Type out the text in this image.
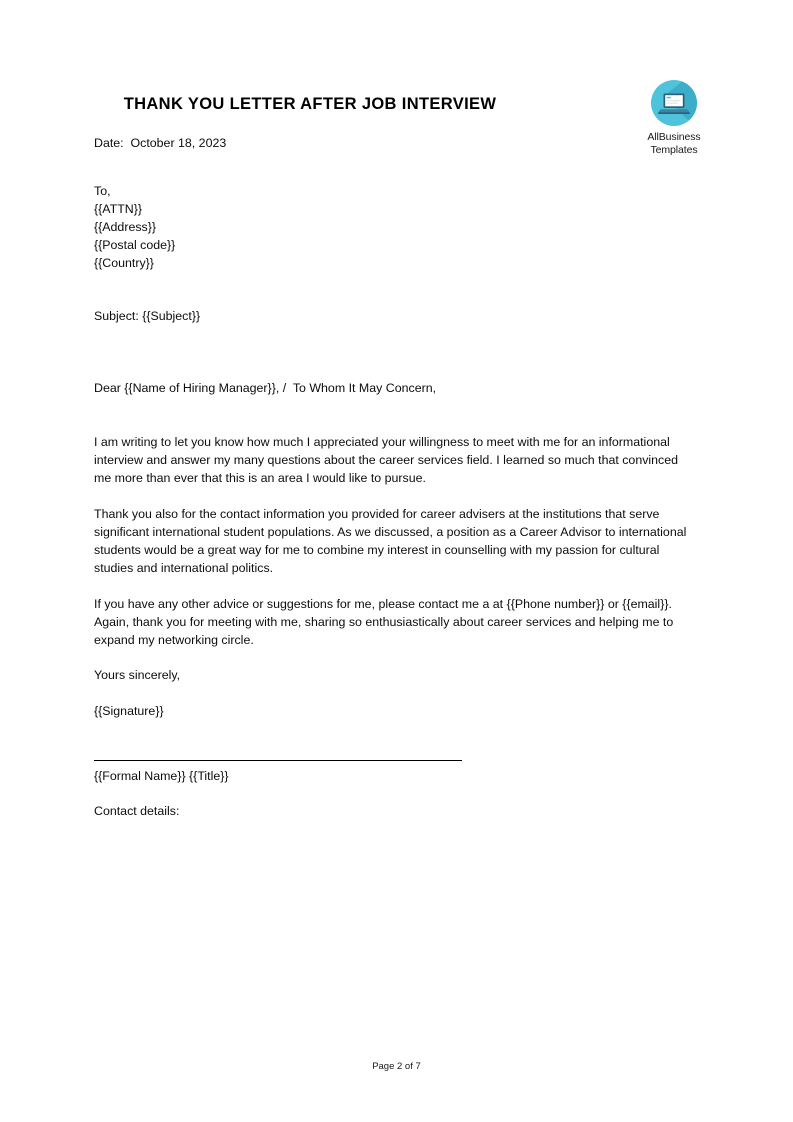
THANK YOU LETTER AFTER JOB INTERVIEW
AllBusiness
Templates
Date:  October 18, 2023
To,
{{ATTN}}
{{Address}}
{{Postal code}}
{{Country}}
Subject: {{Subject}}
Dear {{Name of Hiring Manager}}, /  To Whom It May Concern,
I am writing to let you know how much I appreciated your willingness to meet with me for an informational interview and answer my many questions about the career services field. I learned so much that convinced me more than ever that this is an area I would like to pursue.
Thank you also for the contact information you provided for career advisers at the institutions that serve significant international student populations. As we discussed, a position as a Career Advisor to international students would be a great way for me to combine my interest in counselling with my passion for cultural studies and international politics.
If you have any other advice or suggestions for me, please contact me a at {{Phone number}} or {{email}}. Again, thank you for meeting with me, sharing so enthusiastically about career services and helping me to expand my networking circle.
Yours sincerely,
{{Signature}}
{{Formal Name}} {{Title}}
Contact details:
Page 2 of 7
